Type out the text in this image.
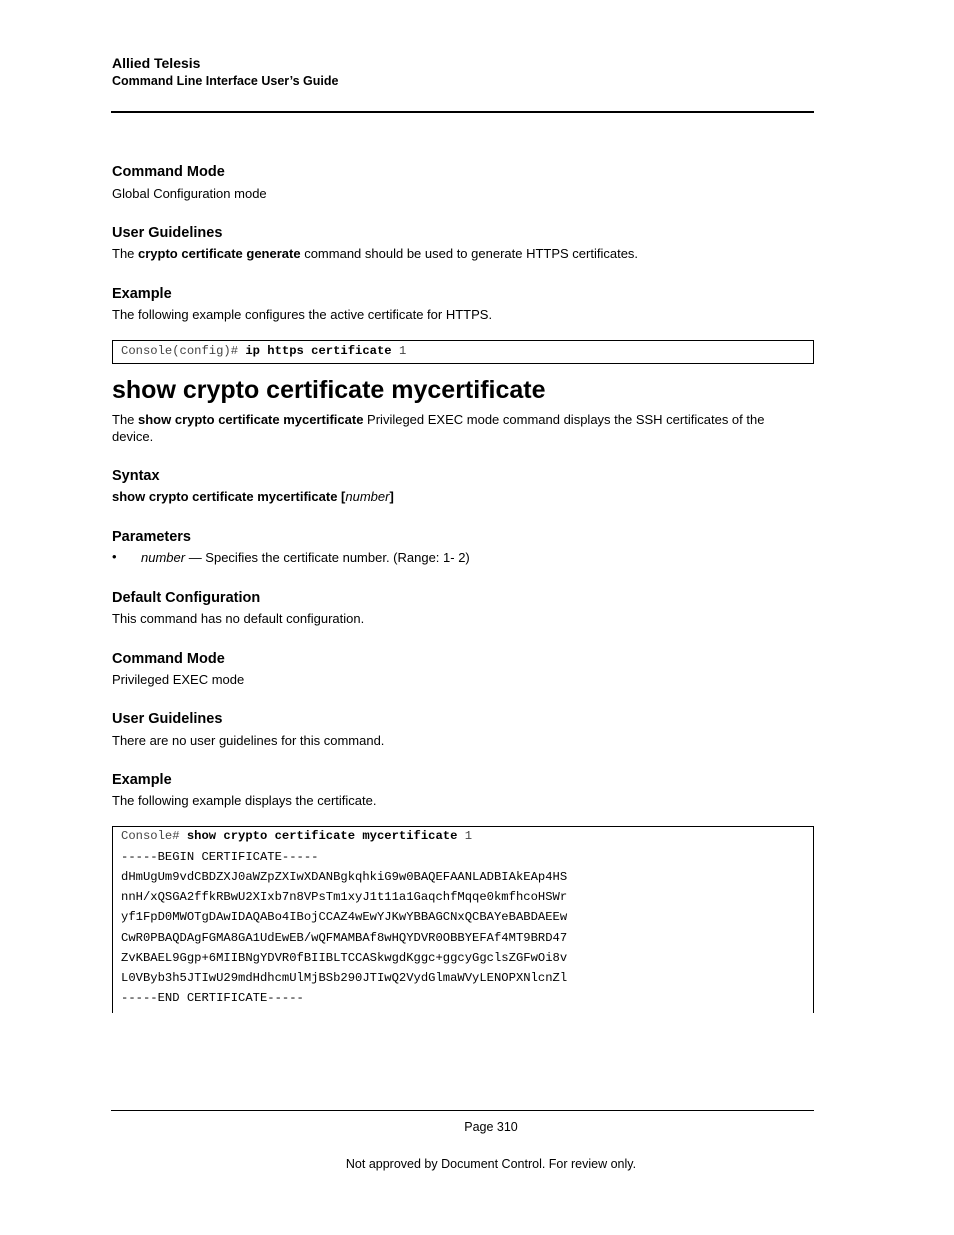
Allied Telesis
Command Line Interface User’s Guide
Command Mode
Global Configuration mode
User Guidelines
The crypto certificate generate command should be used to generate HTTPS certificates.
Example
The following example configures the active certificate for HTTPS.
Console(config)# ip https certificate 1
show crypto certificate mycertificate
The show crypto certificate mycertificate Privileged EXEC mode command displays the SSH certificates of the
device.
Syntax
show crypto certificate mycertificate [number]
Parameters
• number — Specifies the certificate number. (Range: 1- 2)
Default Configuration
This command has no default configuration.
Command Mode
Privileged EXEC mode
User Guidelines
There are no user guidelines for this command.
Example
The following example displays the certificate.
Console# show crypto certificate mycertificate 1
-----BEGIN CERTIFICATE-----
dHmUgUm9vdCBDZXJ0aWZpZXIwXDANBgkqhkiG9w0BAQEFAANLADBIAkEAp4HS
nnH/xQSGA2ffkRBwU2XIxb7n8VPsTm1xyJ1t11a1GaqchfMqqe0kmfhcoHSWr
yf1FpD0MWOTgDAwIDAQABo4IBojCCAZ4wEwYJKwYBBAGCNxQCBAYeBABDAEEw
CwR0PBAQDAgFGMA8GA1UdEwEB/wQFMAMBAf8wHQYDVR0OBBYEFAf4MT9BRD47
ZvKBAEL9Ggp+6MIIBNgYDVR0fBIIBLTCCASkwgdKggc+ggcyGgclsZGFwOi8v
L0VByb3h5JTIwU29mdHdhcmUlMjBSb290JTIwQ2VydGlmaWVyLENOPXNlcnZl
-----END CERTIFICATE-----
Page 310
Not approved by Document Control. For review only.
